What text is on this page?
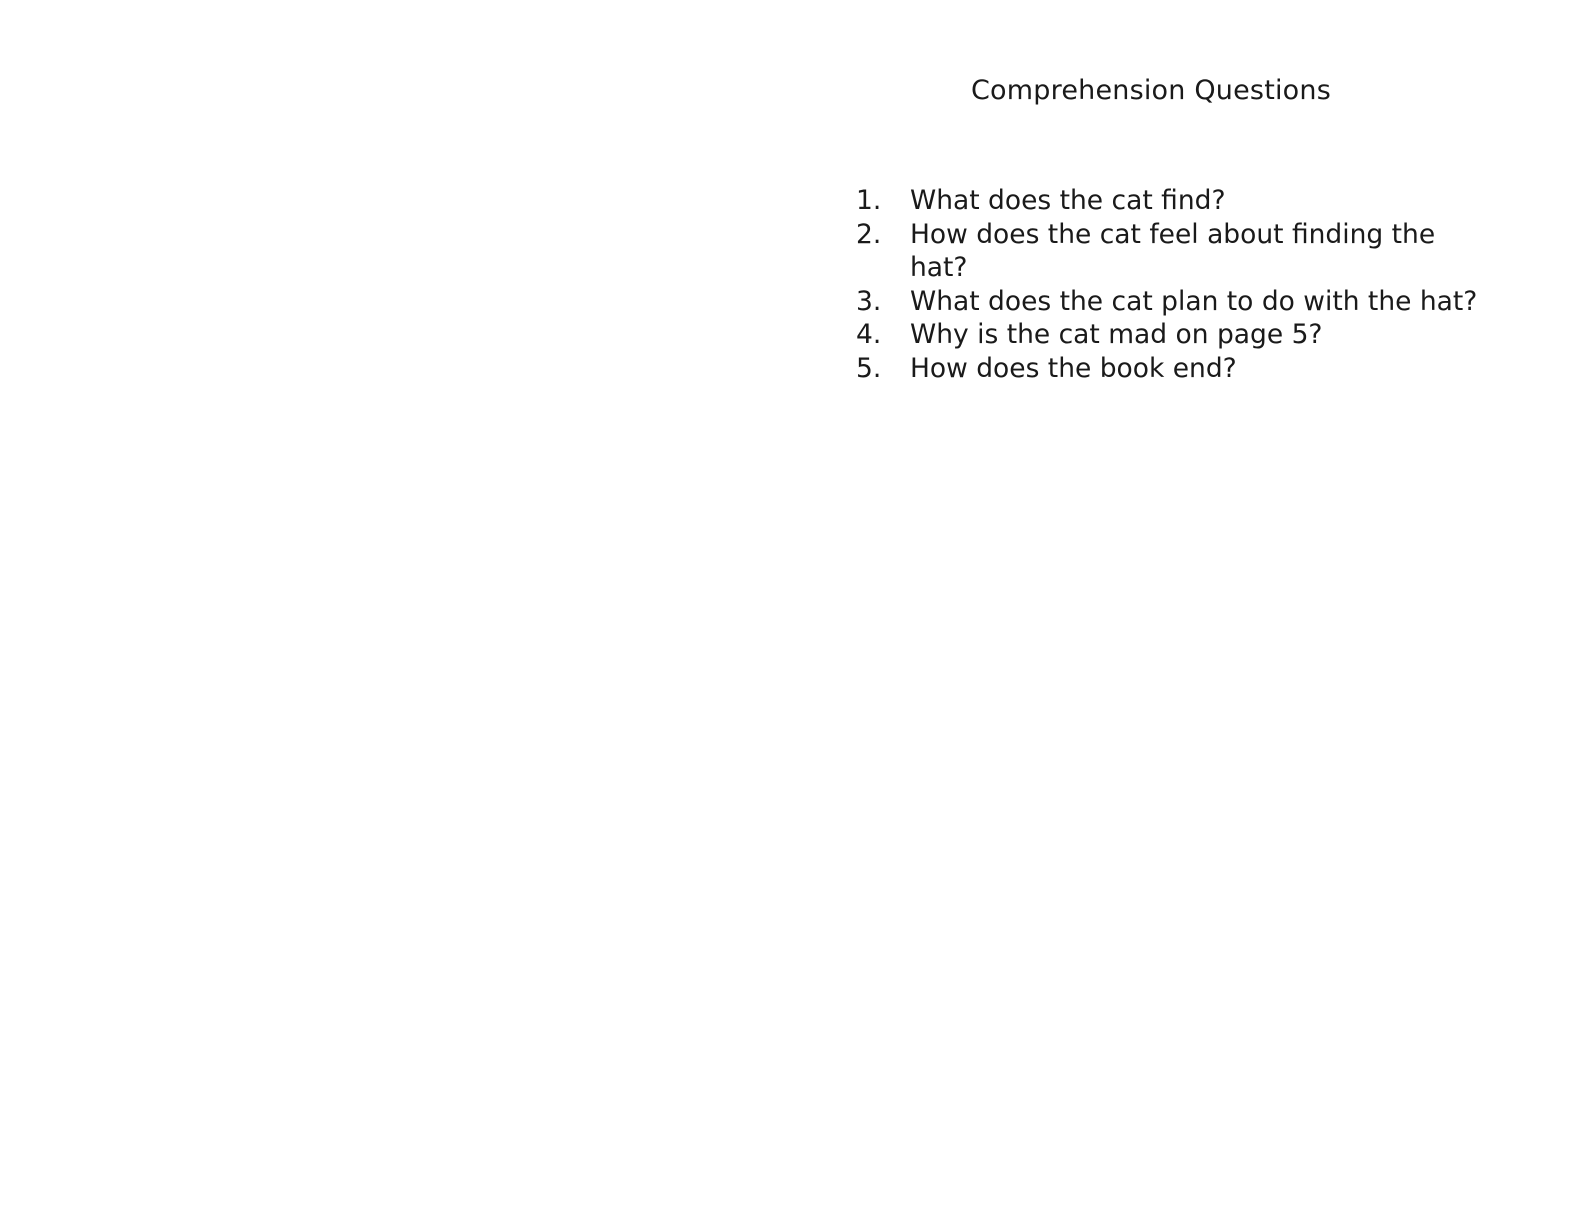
Comprehension Questions
1.	What does the cat find?
2.	How does the cat feel about finding the hat?
3.	What does the cat plan to do with the hat?
4.	Why is the cat mad on page 5?
5.	How does the book end?
